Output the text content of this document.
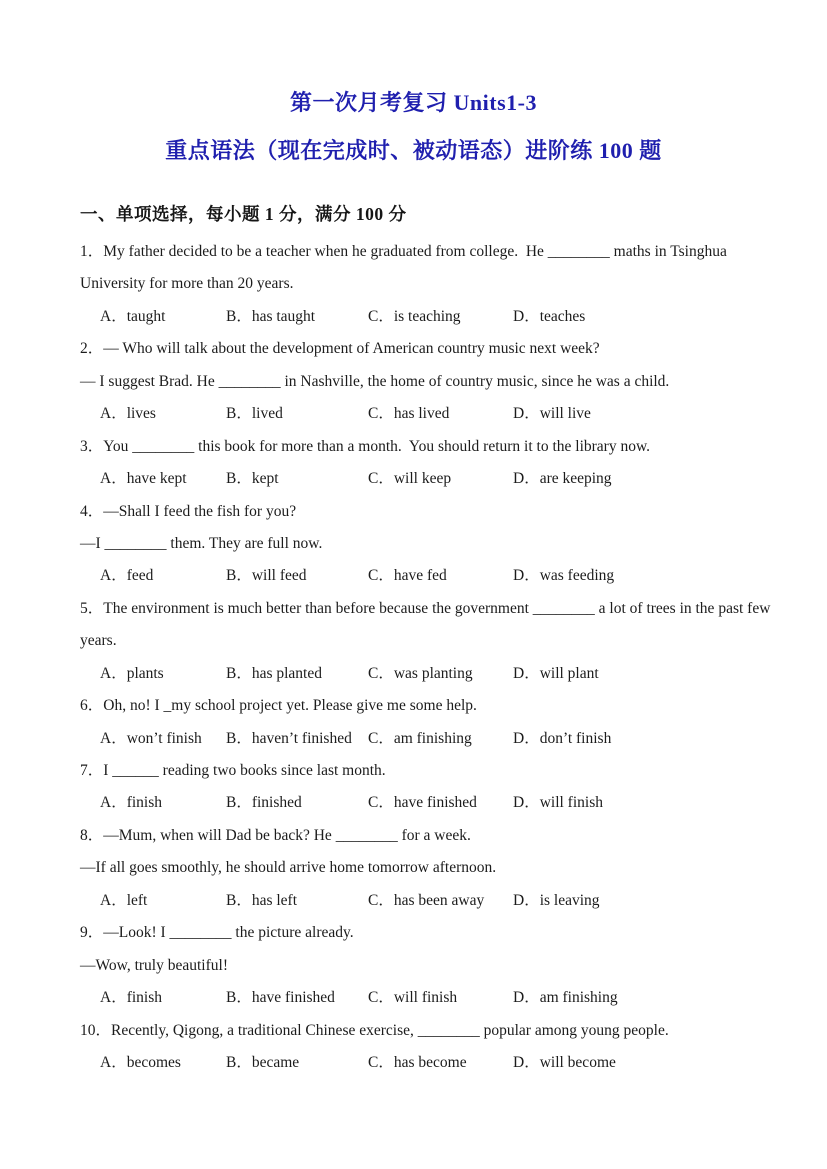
第一次月考复习 Units1-3
重点语法（现在完成时、被动语态）进阶练 100 题
一、单项选择，每小题 1 分，满分 100 分
1．My father decided to be a teacher when he graduated from college.  He ________ maths in Tsinghua
University for more than 20 years.
A．taught	B．has taught	C．is teaching	D．teaches
2．— Who will talk about the development of American country music next week?
— I suggest Brad. He ________ in Nashville, the home of country music, since he was a child.
A．lives	B．lived	C．has lived	D．will live
3．You ________ this book for more than a month.  You should return it to the library now.
A．have kept	B．kept	C．will keep	D．are keeping
4．—Shall I feed the fish for you?
—I ________ them. They are full now.
A．feed	B．will feed	C．have fed	D．was feeding
5．The environment is much better than before because the government ________ a lot of trees in the past few
years.
A．plants	B．has planted	C．was planting	D．will plant
6．Oh, no! I _my school project yet. Please give me some help.
A．won’t finish B．haven’t finished C．am finishing	D．don’t finish
7．I ______ reading two books since last month.
A．finish	B．finished	C．have finished D．will finish
8．—Mum, when will Dad be back? He ________ for a week.
—If all goes smoothly, he should arrive home tomorrow afternoon.
A．left	B．has left	C．has been away D．is leaving
9．—Look! I ________ the picture already.
—Wow, truly beautiful!
A．finish	B．have finished C．will finish	D．am finishing
10．Recently, Qigong, a traditional Chinese exercise, ________ popular among young people.
A．becomes	B．became	C．has become	D．will become
